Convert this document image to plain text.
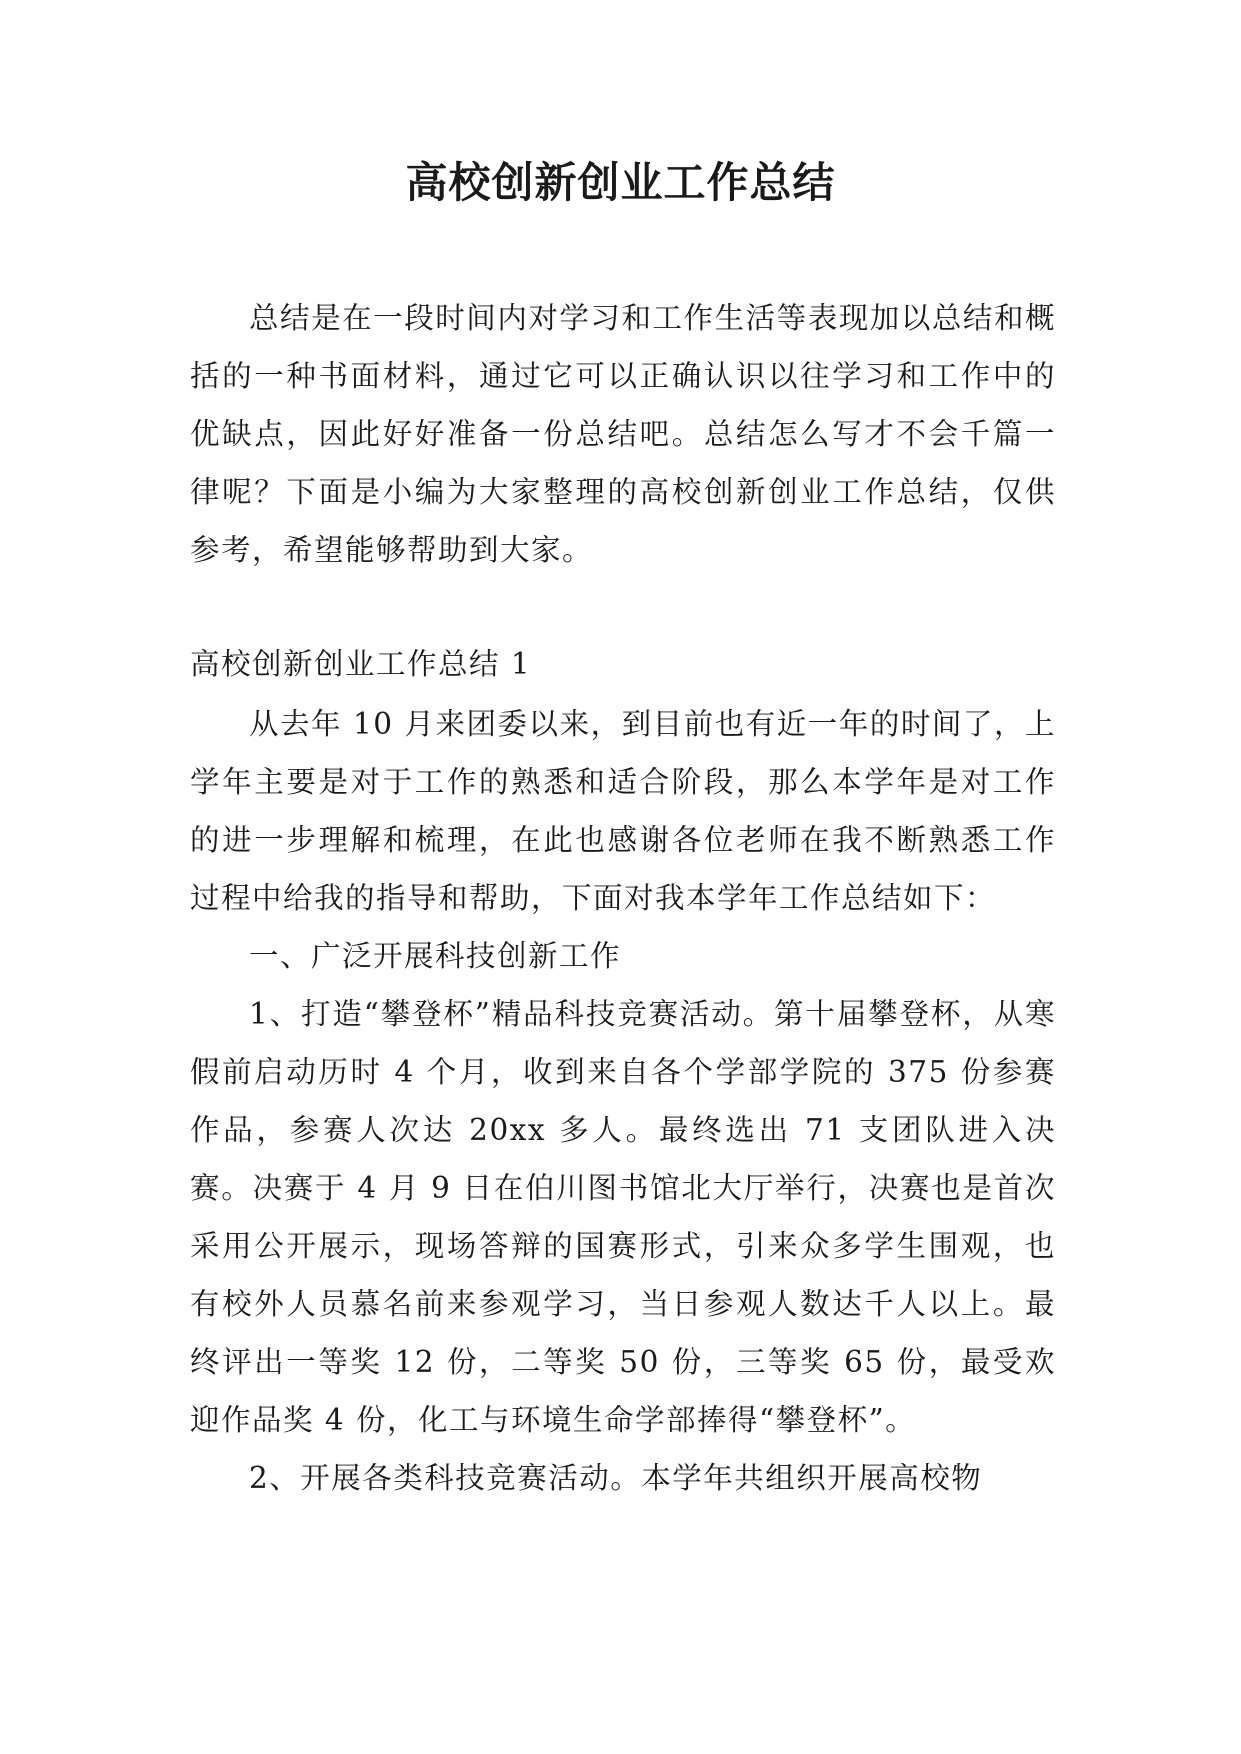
高校创新创业工作总结

总结是在一段时间内对学习和工作生活等表现加以总结和概括的一种书面材料，通过它可以正确认识以往学习和工作中的优缺点，因此好好准备一份总结吧。总结怎么写才不会千篇一律呢？下面是小编为大家整理的高校创新创业工作总结，仅供参考，希望能够帮助到大家。

高校创新创业工作总结 1

从去年 10 月来团委以来，到目前也有近一年的时间了，上学年主要是对于工作的熟悉和适合阶段，那么本学年是对工作的进一步理解和梳理，在此也感谢各位老师在我不断熟悉工作过程中给我的指导和帮助，下面对我本学年工作总结如下：

一、广泛开展科技创新工作

1、打造“攀登杯”精品科技竞赛活动。第十届攀登杯，从寒假前启动历时 4 个月，收到来自各个学部学院的 375 份参赛作品，参赛人次达 20xx 多人。最终选出 71 支团队进入决赛。决赛于 4 月 9 日在伯川图书馆北大厅举行，决赛也是首次采用公开展示，现场答辩的国赛形式，引来众多学生围观，也有校外人员慕名前来参观学习，当日参观人数达千人以上。最终评出一等奖 12 份，二等奖 50 份，三等奖 65 份，最受欢迎作品奖 4 份，化工与环境生命学部捧得“攀登杯”。

2、开展各类科技竞赛活动。本学年共组织开展高校物
